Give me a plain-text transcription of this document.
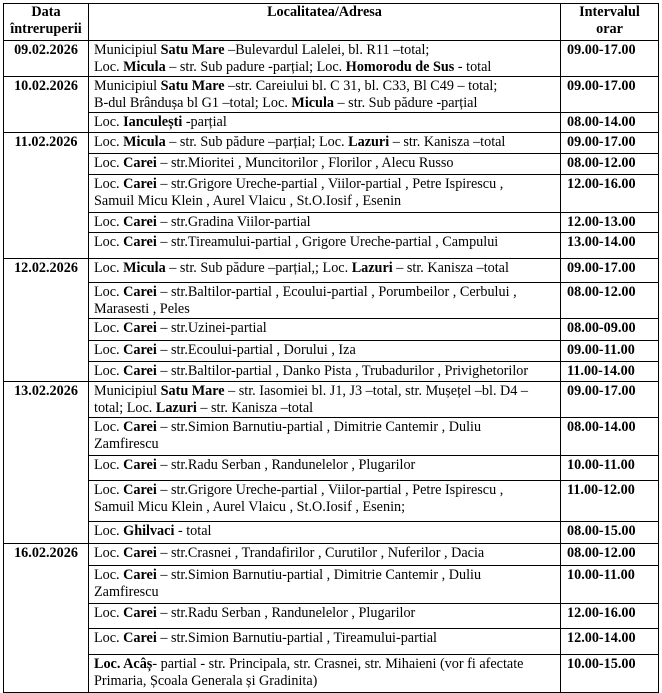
Data
întreruperii	Localitatea/Adresa	Intervalul
orar
09.02.2026	Municipiul Satu Mare –Bulevardul Lalelei, bl. R11 –total;
Loc. Micula – str. Sub padure -parțial; Loc. Homorodu de Sus - total	09.00-17.00
10.02.2026	Municipiul Satu Mare –str. Careiului bl. C 31, bl. C33, Bl C49 – total;
B-dul Brândușa bl G1 –total; Loc. Micula – str. Sub pădure -parțial	09.00-17.00
	Loc. Ianculești -parțial	08.00-14.00
11.02.2026	Loc. Micula – str. Sub pădure –parțial; Loc. Lazuri – str. Kanisza –total	09.00-17.00
	Loc. Carei – str.Mioritei , Muncitorilor , Florilor , Alecu Russo	08.00-12.00
	Loc. Carei – str.Grigore Ureche-partial , Viilor-partial , Petre Ispirescu ,
Samuil Micu Klein , Aurel Vlaicu , St.O.Iosif , Esenin	12.00-16.00
	Loc. Carei – str.Gradina Viilor-partial	12.00-13.00
	Loc. Carei – str.Tireamului-partial , Grigore Ureche-partial , Campului	13.00-14.00
12.02.2026	Loc. Micula – str. Sub pădure –parțial,; Loc. Lazuri – str. Kanisza –total	09.00-17.00
	Loc. Carei – str.Baltilor-partial , Ecoului-partial , Porumbeilor , Cerbului ,
Marasesti , Peles	08.00-12.00
	Loc. Carei – str.Uzinei-partial	08.00-09.00
	Loc. Carei – str.Ecoului-partial , Dorului , Iza	09.00-11.00
	Loc. Carei – str.Baltilor-partial , Danko Pista , Trubadurilor , Privighetorilor	11.00-14.00
13.02.2026	Municipiul Satu Mare – str. Iasomiei bl. J1, J3 –total, str. Mușețel –bl. D4 –
total; Loc. Lazuri – str. Kanisza –total	09.00-17.00
	Loc. Carei – str.Simion Barnutiu-partial , Dimitrie Cantemir , Duliu
Zamfirescu	08.00-14.00
	Loc. Carei – str.Radu Serban , Randunelelor , Plugarilor	10.00-11.00
	Loc. Carei – str.Grigore Ureche-partial , Viilor-partial , Petre Ispirescu ,
Samuil Micu Klein , Aurel Vlaicu , St.O.Iosif , Esenin;	11.00-12.00
	Loc. Ghilvaci - total	08.00-15.00
16.02.2026	Loc. Carei – str.Crasnei , Trandafirilor , Curutilor , Nuferilor , Dacia	08.00-12.00
	Loc. Carei – str.Simion Barnutiu-partial , Dimitrie Cantemir , Duliu
Zamfirescu	10.00-11.00
	Loc. Carei – str.Radu Serban , Randunelelor , Plugarilor	12.00-16.00
	Loc. Carei – str.Simion Barnutiu-partial , Tireamului-partial	12.00-14.00
	Loc. Acâș- partial - str. Principala, str. Crasnei, str. Mihaieni (vor fi afectate
Primaria, Școala Generala și Gradinita)	10.00-15.00
